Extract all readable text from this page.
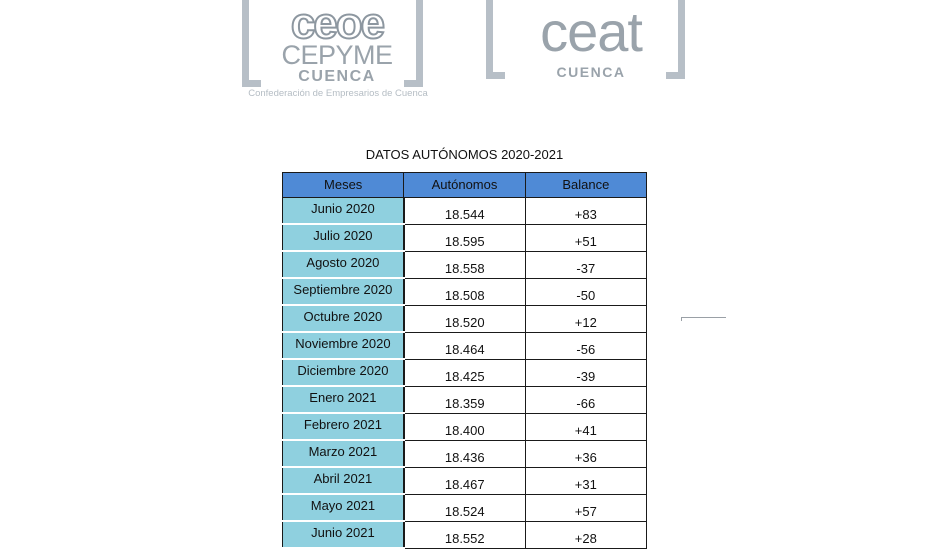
ceoe
CEPYME
CUENCA
Confederación de Empresarios de Cuenca
ceat
CUENCA
DATOS AUTÓNOMOS 2020-2021
Meses	Autónomos	Balance
Junio 2020	18.544	+83
Julio 2020	18.595	+51
Agosto 2020	18.558	-37
Septiembre 2020	18.508	-50
Octubre 2020	18.520	+12
Noviembre 2020	18.464	-56
Diciembre 2020	18.425	-39
Enero 2021	18.359	-66
Febrero 2021	18.400	+41
Marzo 2021	18.436	+36
Abril 2021	18.467	+31
Mayo 2021	18.524	+57
Junio 2021	18.552	+28
